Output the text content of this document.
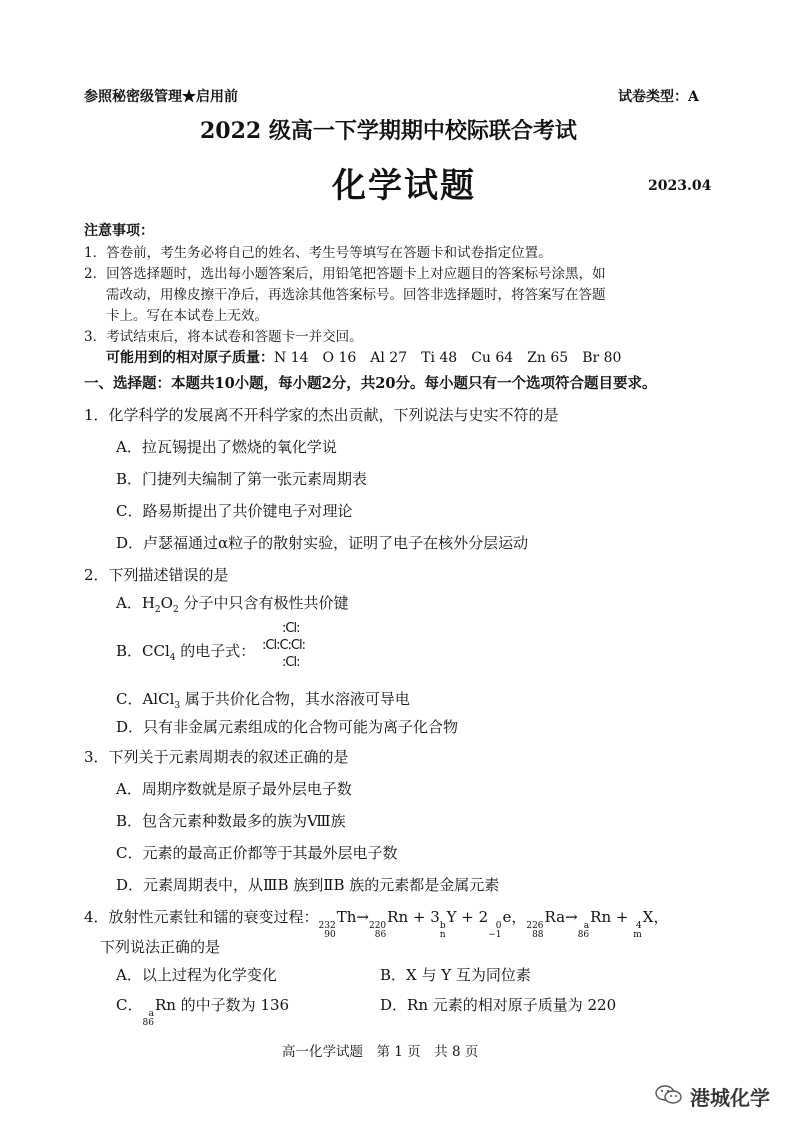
参照秘密级管理★启用前	试卷类型：A
2022 级高一下学期期中校际联合考试
化学试题	2023.04
注意事项：
1．答卷前，考生务必将自己的姓名、考生号等填写在答题卡和试卷指定位置。
2．回答选择题时，选出每小题答案后，用铅笔把答题卡上对应题目的答案标号涂黑，如
需改动，用橡皮擦干净后，再选涂其他答案标号。回答非选择题时，将答案写在答题
卡上。写在本试卷上无效。
3．考试结束后，将本试卷和答题卡一并交回。
可能用到的相对原子质量：N 14　O 16　Al 27　Ti 48　Cu 64　Zn 65　Br 80
一、选择题：本题共10小题，每小题2分，共20分。每小题只有一个选项符合题目要求。
1．化学科学的发展离不开科学家的杰出贡献，下列说法与史实不符的是
A．拉瓦锡提出了燃烧的氧化学说
B．门捷列夫编制了第一张元素周期表
C．路易斯提出了共价键电子对理论
D．卢瑟福通过α粒子的散射实验，证明了电子在核外分层运动
2．下列描述错误的是
A．$H_2O_2$ 分子中只含有极性共价键
B．CCl$_4$ 的电子式：
:Cl:
:Cl:C:Cl:
:Cl:
C．AlCl$_3$ 属于共价化合物，其水溶液可导电
D．只有非金属元素组成的化合物可能为离子化合物
3．下列关于元素周期表的叙述正确的是
A．周期序数就是原子最外层电子数
B．包含元素种数最多的族为Ⅷ族
C．元素的最高正价都等于其最外层电子数
D．元素周期表中，从ⅢB 族到ⅡB 族的元素都是金属元素
4．放射性元素钍和镭的衰变过程： 232
90
Th→ 220
86
Rn + 3 b
n
Y + 2 0
−1
e， 226
88
Ra→ a
86
Rn + 4
m
X，
下列说法正确的是
A．以上过程为化学变化	B．X 与 Y 互为同位素
C． a
86
Rn 的中子数为 136	D．Rn 元素的相对原子质量为 220
高一化学试题　第 1 页　共 8 页
港城化学
